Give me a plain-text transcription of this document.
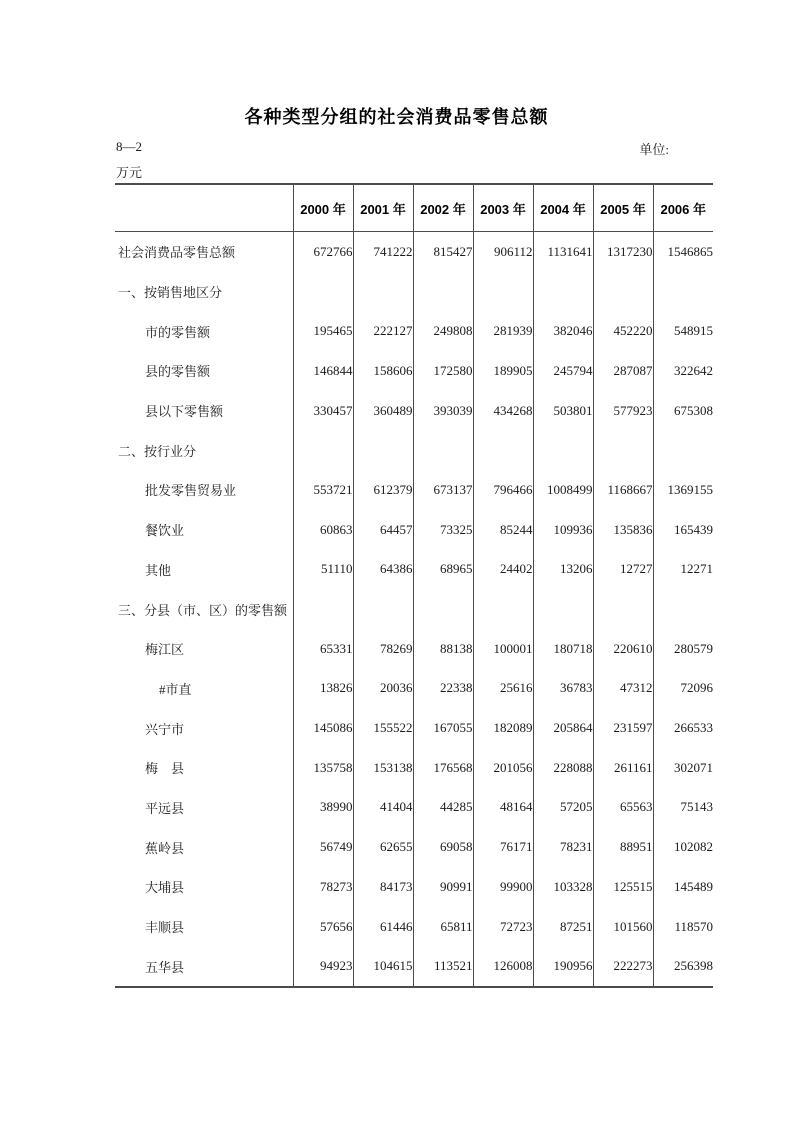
各种类型分组的社会消费品零售总额
8—2	单位:
万元
	2000 年	2001 年	2002 年	2003 年	2004 年	2005 年	2006 年
社会消费品零售总额	672766	741222	815427	906112	1131641	1317230	1546865
一、按销售地区分							
市的零售额	195465	222127	249808	281939	382046	452220	548915
县的零售额	146844	158606	172580	189905	245794	287087	322642
县以下零售额	330457	360489	393039	434268	503801	577923	675308
二、按行业分							
批发零售贸易业	553721	612379	673137	796466	1008499	1168667	1369155
餐饮业	60863	64457	73325	85244	109936	135836	165439
其他	51110	64386	68965	24402	13206	12727	12271
三、分县（市、区）的零售额							
梅江区	65331	78269	88138	100001	180718	220610	280579
#市直	13826	20036	22338	25616	36783	47312	72096
兴宁市	145086	155522	167055	182089	205864	231597	266533
梅　县	135758	153138	176568	201056	228088	261161	302071
平远县	38990	41404	44285	48164	57205	65563	75143
蕉岭县	56749	62655	69058	76171	78231	88951	102082
大埔县	78273	84173	90991	99900	103328	125515	145489
丰顺县	57656	61446	65811	72723	87251	101560	118570
五华县	94923	104615	113521	126008	190956	222273	256398
